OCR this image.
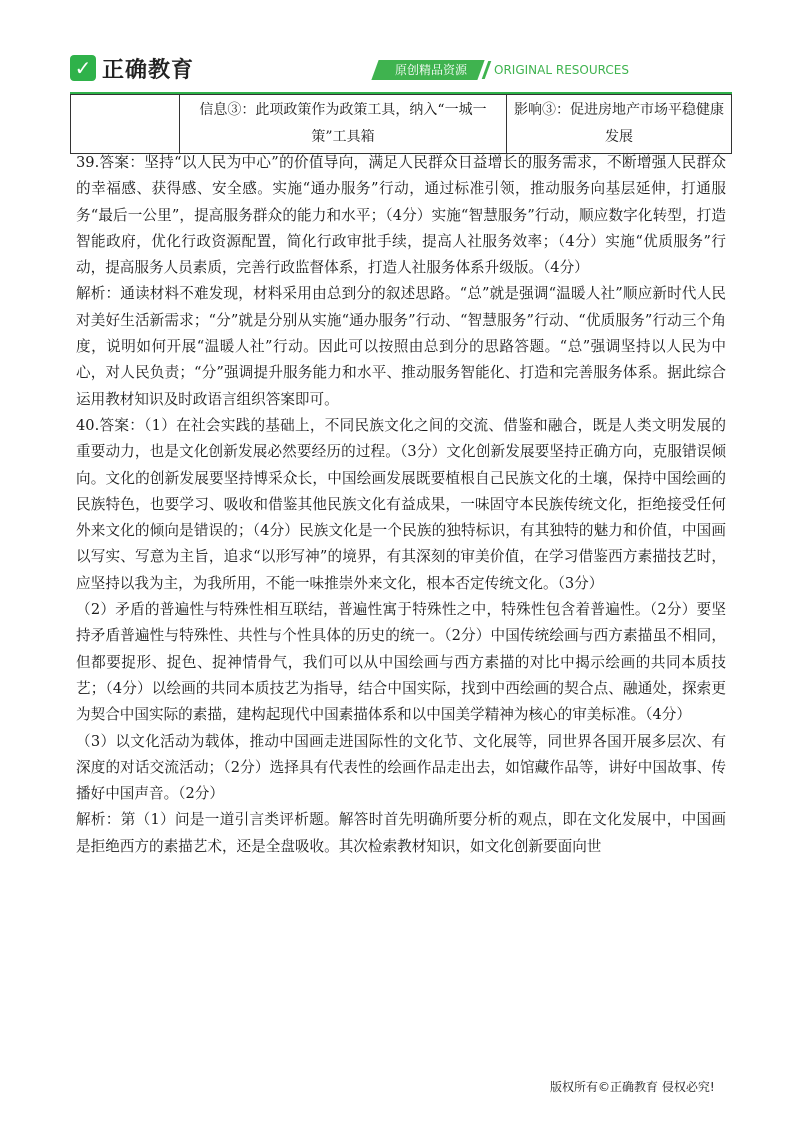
✓ 正确教育	原创精品资源	ORIGINAL RESOURCES
	信息③：此项政策作为政策工具，纳入“一城一策”工具箱	影响③：促进房地产市场平稳健康发展

39.答案：坚持“以人民为中心”的价值导向，满足人民群众日益增长的服务需求，不断增强人民群众的幸福感、获得感、安全感。实施“通办服务”行动，通过标准引领，推动服务向基层延伸，打通服务“最后一公里”，提高服务群众的能力和水平；（4分）实施“智慧服务”行动，顺应数字化转型，打造智能政府，优化行政资源配置，简化行政审批手续，提高人社服务效率；（4分）实施“优质服务”行动，提高服务人员素质，完善行政监督体系，打造人社服务体系升级版。（4分）

解析：通读材料不难发现，材料采用由总到分的叙述思路。“总”就是强调“温暖人社”顺应新时代人民对美好生活新需求；“分”就是分别从实施“通办服务”行动、“智慧服务”行动、“优质服务”行动三个角度，说明如何开展“温暖人社”行动。因此可以按照由总到分的思路答题。“总”强调坚持以人民为中心，对人民负责；“分”强调提升服务能力和水平、推动服务智能化、打造和完善服务体系。据此综合运用教材知识及时政语言组织答案即可。

40.答案：（1）在社会实践的基础上，不同民族文化之间的交流、借鉴和融合，既是人类文明发展的重要动力，也是文化创新发展必然要经历的过程。（3分）文化创新发展要坚持正确方向，克服错误倾向。文化的创新发展要坚持博采众长，中国绘画发展既要植根自己民族文化的土壤，保持中国绘画的民族特色，也要学习、吸收和借鉴其他民族文化有益成果，一味固守本民族传统文化，拒绝接受任何外来文化的倾向是错误的；（4分）民族文化是一个民族的独特标识，有其独特的魅力和价值，中国画以写实、写意为主旨，追求“以形写神”的境界，有其深刻的审美价值，在学习借鉴西方素描技艺时，应坚持以我为主，为我所用，不能一味推崇外来文化，根本否定传统文化。（3分）

（2）矛盾的普遍性与特殊性相互联结，普遍性寓于特殊性之中，特殊性包含着普遍性。（2分）要坚持矛盾普遍性与特殊性、共性与个性具体的历史的统一。（2分）中国传统绘画与西方素描虽不相同，但都要捉形、捉色、捉神情骨气，我们可以从中国绘画与西方素描的对比中揭示绘画的共同本质技艺；（4分）以绘画的共同本质技艺为指导，结合中国实际，找到中西绘画的契合点、融通处，探索更为契合中国实际的素描，建构起现代中国素描体系和以中国美学精神为核心的审美标准。（4分）

（3）以文化活动为载体，推动中国画走进国际性的文化节、文化展等，同世界各国开展多层次、有深度的对话交流活动；（2分）选择具有代表性的绘画作品走出去，如馆藏作品等，讲好中国故事、传播好中国声音。（2分）

解析：第（1）问是一道引言类评析题。解答时首先明确所要分析的观点，即在文化发展中，中国画是拒绝西方的素描艺术，还是全盘吸收。其次检索教材知识，如文化创新要面向世

版权所有©正确教育 侵权必究!
